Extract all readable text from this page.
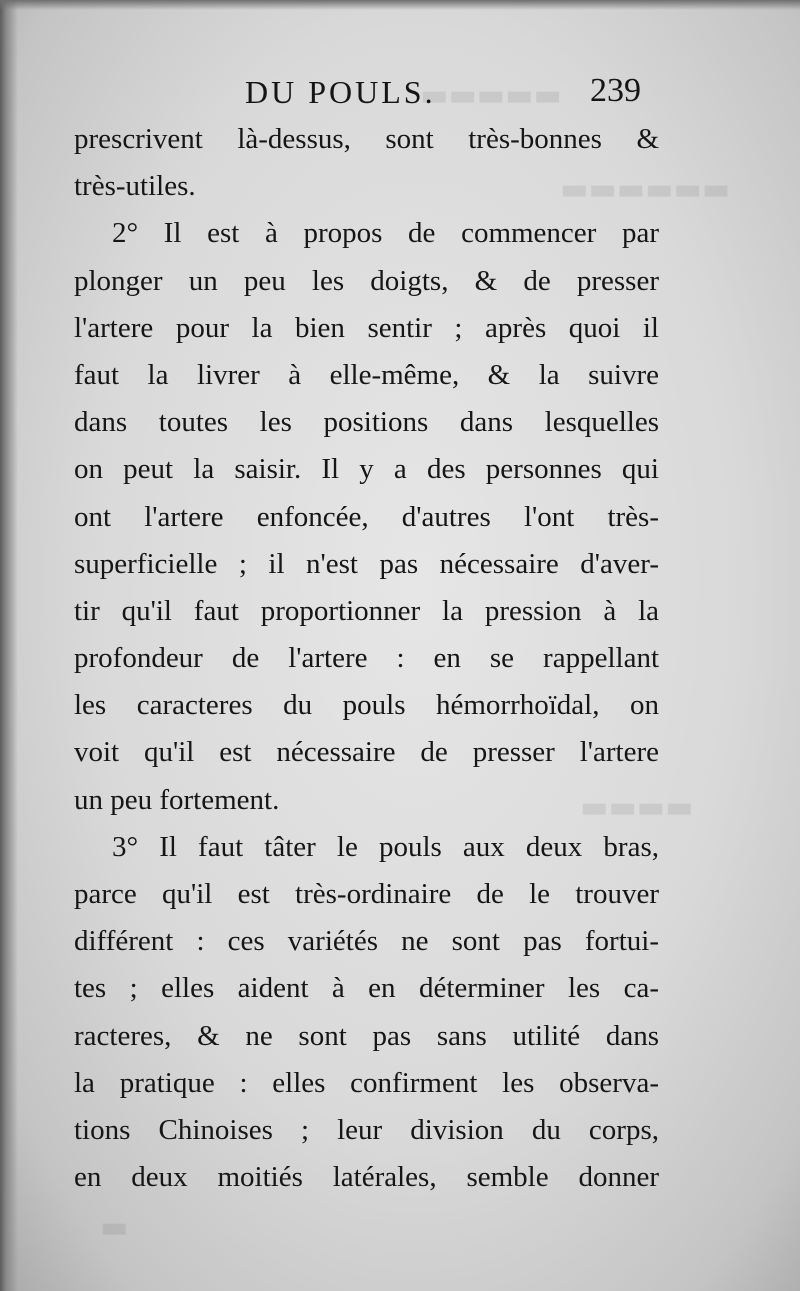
▬▬▬▬▬
▬▬▬▬▬▬
▬▬▬▬
▬
DU POULS.	239
prescrivent là-dessus, sont très-bonnes &
très-utiles.
2° Il est à propos de commencer par
plonger un peu les doigts, & de presser
l'artere pour la bien sentir ; après quoi il
faut la livrer à elle-même, & la suivre
dans toutes les positions dans lesquelles
on peut la saisir. Il y a des personnes qui
ont l'artere enfoncée, d'autres l'ont très-
superficielle ; il n'est pas nécessaire d'aver-
tir qu'il faut proportionner la pression à la
profondeur de l'artere : en se rappellant
les caracteres du pouls hémorrhoïdal, on
voit qu'il est nécessaire de presser l'artere
un peu fortement.
3° Il faut tâter le pouls aux deux bras,
parce qu'il est très-ordinaire de le trouver
différent : ces variétés ne sont pas fortui-
tes ; elles aident à en déterminer les ca-
racteres, & ne sont pas sans utilité dans
la pratique : elles confirment les observa-
tions Chinoises ; leur division du corps,
en deux moitiés latérales, semble donner
